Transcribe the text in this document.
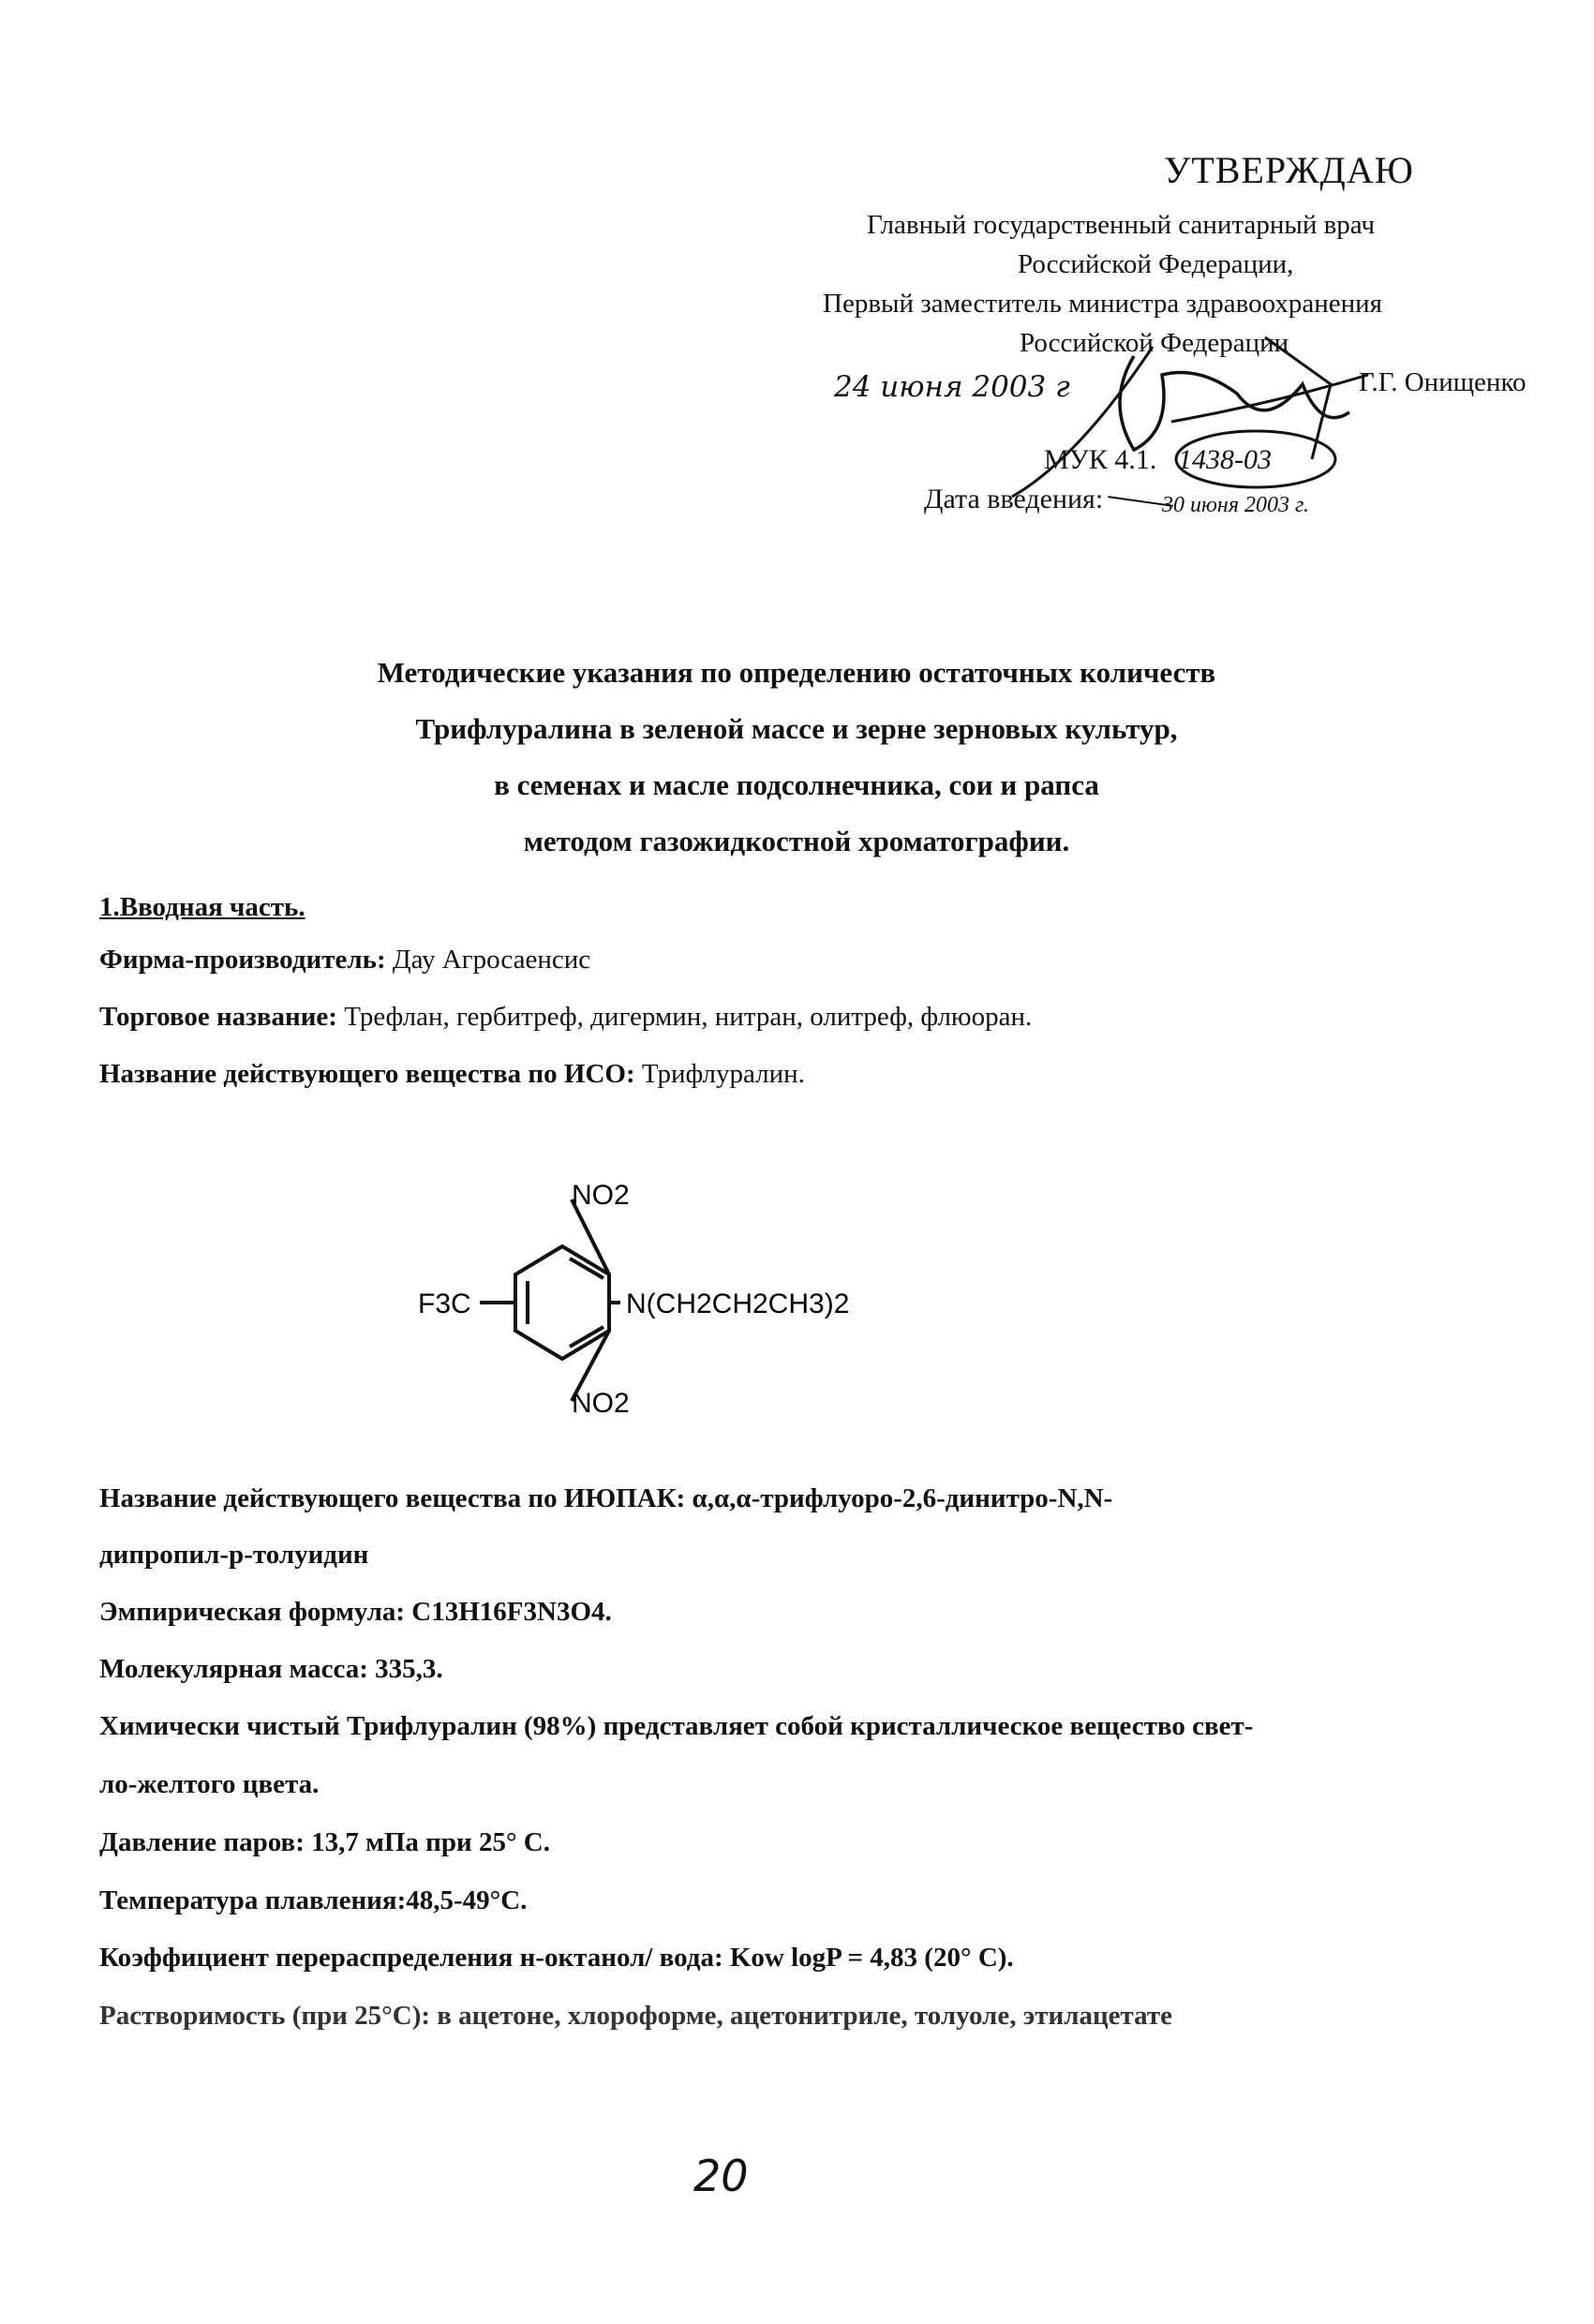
УТВЕРЖДАЮ
Главный государственный санитарный врач
Российской Федерации,
Первый заместитель министра здравоохранения
Российской Федерации
24 июня 2003 г	Г.Г. Онищенко
МУК 4.1. 1438-03
Дата введения:	30 июня 2003 г.
Методические указания по определению остаточных количеств
Трифлуралина в зеленой массе и зерне зерновых культур,
в семенах и масле подсолнечника, сои и рапса
методом газожидкостной хроматографии.
1.Вводная часть.
Фирма-производитель: Дау Агросаенсис
Торговое название: Трефлан, гербитреф, дигермин, нитран, олитреф, флюоран.
Название действующего вещества по ИСО: Трифлуралин.
NO2
NO2
F3C	N(CH2CH2CH3)2
Название действующего вещества по ИЮПАК: α,α,α-трифлуоро-2,6-динитро-N,N-
дипропил-р-толуидин
Эмпирическая формула: C13H16F3N3O4.
Молекулярная масса: 335,3.
Химически чистый Трифлуралин (98%) представляет собой кристаллическое вещество свет-
ло-желтого цвета.
Давление паров: 13,7 мПа при 25° С.
Температура плавления:48,5-49°С.
Коэффициент перераспределения н-октанол/ вода: Kow logP = 4,83 (20° С).
Растворимость (при 25°С): в ацетоне, хлороформе, ацетонитриле, толуоле, этилацетате
20
